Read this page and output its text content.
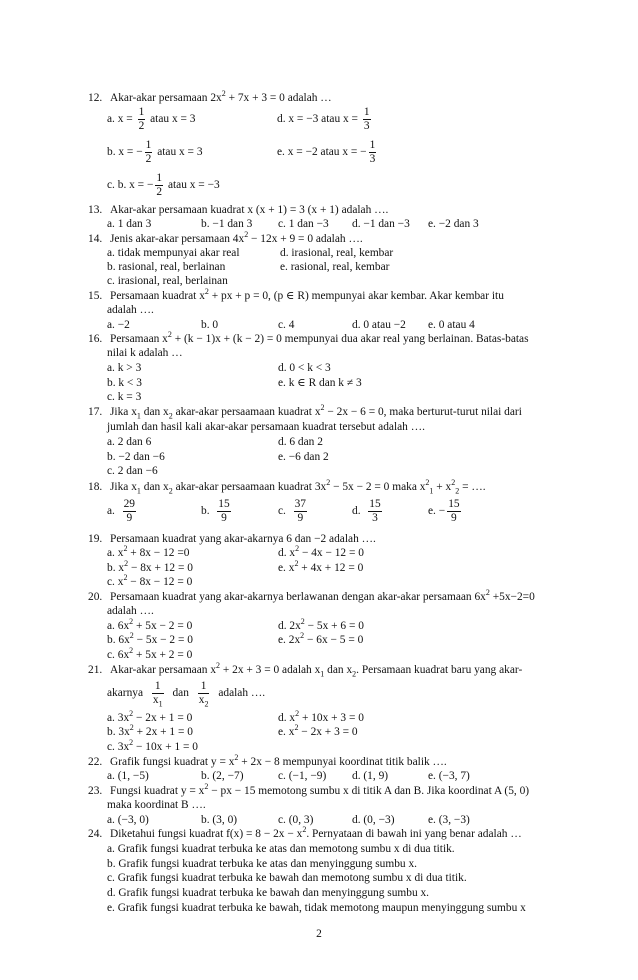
12. Akar-akar persamaan $2x^2 + 7x + 3 = 0$ adalah …
a. $x = \frac{1}{2}$ atau x = 3	d. x = −3 atau $x = \frac{1}{3}$
b. x = − $\frac{1}{2}$ atau x = 3	e. x = −2 atau x = − $\frac{1}{3}$
c. b. x = − $\frac{1}{2}$ atau x = −3
13. Akar-akar persamaan kuadrat x (x + 1) = 3 (x + 1) adalah ….
a. 1 dan 3	b. −1 dan 3 c. 1 dan −3 d. −1 dan −3 e. −2 dan 3
14. Jenis akar-akar persamaan $4x^2 - 12x + 9 = 0$ adalah ….
a. tidak mempunyai akar real	d. irasional, real, kembar
b. rasional, real, berlainan	e. rasional, real, kembar
c. irasional, real, berlainan
15. Persamaan kuadrat $x^2$ + px + p = 0, (p ∈ R) mempunyai akar kembar. Akar kembar itu
adalah ….
a. −2	b. 0	c. 4	d. 0 atau −2 e. 0 atau 4
16. Persamaan $x^2 + (k - 1)x + (k - 2) = 0$ mempunyai dua akar real yang berlainan. Batas-batas
nilai k adalah …
a. k > 3	d. 0 < k < 3
b. k < 3	e. k ∈ R dan k ≠ 3
c. k = 3
17. Jika $x_1$ dan $x_2$ akar-akar persaamaan kuadrat $x^2 - 2x - 6 = 0$, maka berturut-turut nilai dari
jumlah dan hasil kali akar-akar persamaan kuadrat tersebut adalah ….
a. 2 dan 6	d. 6 dan 2
b. −2 dan −6	e. −6 dan 2
c. 2 dan −6
18. Jika $x_1$ dan $x_2$ akar-akar persaamaan kuadrat $3x^2 - 5x - 2 = 0$ maka $x^2_1 + x^2_2$ = ….
a. $\frac{29}{9}$	b. $\frac{15}{9}$	c. $\frac{37}{9}$	d. $\frac{15}{3}$	e. − $\frac{15}{9}$
19. Persamaan kuadrat yang akar-akarnya 6 dan −2 adalah ….
a. $x^2 + 8x - 12 =0$	d. $x^2 - 4x - 12 = 0$
b. $x^2 - 8x + 12 = 0$	e. $x^2 + 4x + 12 = 0$
c. $x^2 - 8x - 12 = 0$
20. Persamaan kuadrat yang akar-akarnya berlawanan dengan akar-akar persamaan $6x^2 +5x-2=0$
adalah ….
a. $6x^2 + 5x - 2 = 0$	d. $2x^2 - 5x + 6 = 0$
b. $6x^2 - 5x - 2 = 0$	e. $2x^2 - 6x - 5 = 0$
c. $6x^2 + 5x + 2 = 0$
21. Akar-akar persamaan $x^2 + 2x + 3 = 0$ adalah $x_1$ dan $x_2$. Persamaan kuadrat baru yang akar-
akarnya $\frac{1}{x_1}$ dan $\frac{1}{x_2}$ adalah ….
a. $3x^2 - 2x + 1 = 0$	d. $x^2 + 10x + 3 = 0$
b. $3x^2 + 2x + 1 = 0$	e. $x^2 - 2x + 3 = 0$
c. $3x^2 - 10x + 1 = 0$
22. Grafik fungsi kuadrat $y = x^2 + 2x - 8$ mempunyai koordinat titik balik ….
a. (1, −5)	b. (2, −7)	c. (−1, −9) d. (1, 9)	e. (−3, 7)
23. Fungsi kuadrat $y = x^2$ − px − 15 memotong sumbu x di titik A dan B. Jika koordinat A (5, 0)
maka koordinat B ….
a. (−3, 0)	b. (3, 0)	c. (0, 3)	d. (0, −3)	e. (3, −3)
24. Diketahui fungsi kuadrat $f(x) = 8 - 2x - x^2$. Pernyataan di bawah ini yang benar adalah …
a. Grafik fungsi kuadrat terbuka ke atas dan memotong sumbu x di dua titik.
b. Grafik fungsi kuadrat terbuka ke atas dan menyinggung sumbu x.
c. Grafik fungsi kuadrat terbuka ke bawah dan memotong sumbu x di dua titik.
d. Grafik fungsi kuadrat terbuka ke bawah dan menyinggung sumbu x.
e. Grafik fungsi kuadrat terbuka ke bawah, tidak memotong maupun menyinggung sumbu x
2
